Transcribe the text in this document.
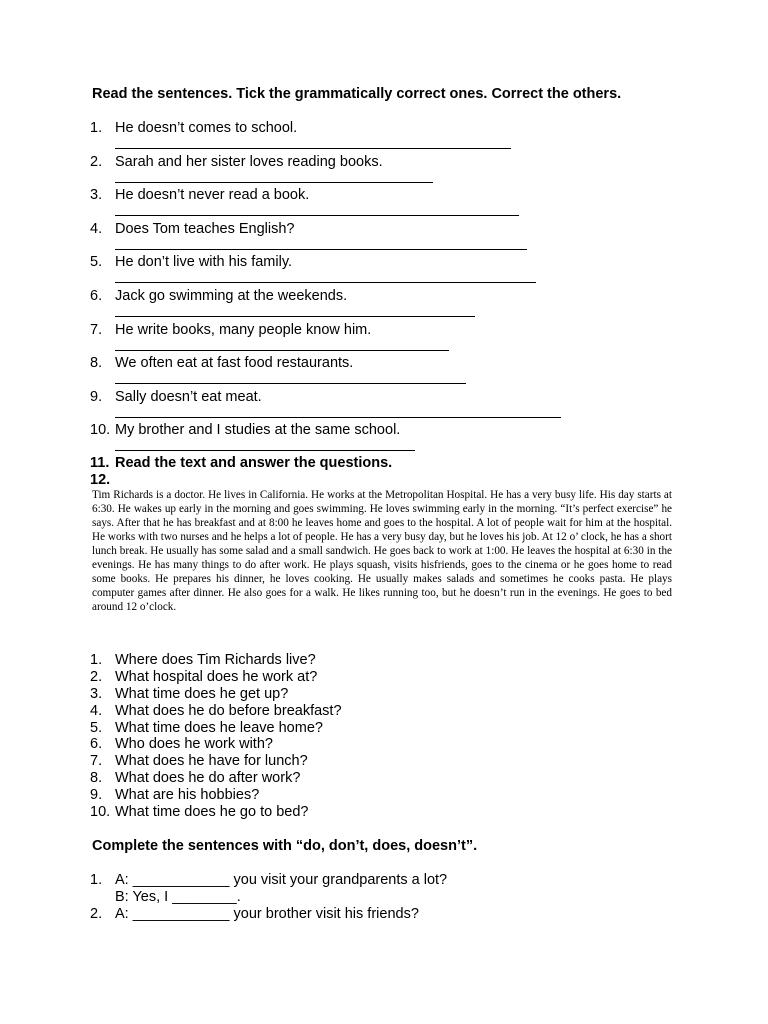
Read the sentences. Tick the grammatically correct ones. Correct the others.
1. He doesn’t comes to school.
2. Sarah and her sister loves reading books.
3. He doesn’t never read a book.
4. Does Tom teaches English?
5. He don’t live with his family.
6. Jack go swimming at the weekends.
7. He write books, many people know him.
8. We often eat at fast food restaurants.
9. Sally doesn’t eat meat.
10. My brother and I studies at the same school.
11. Read the text and answer the questions.
12.
Tim Richards is a doctor. He lives in California. He works at the Metropolitan Hospital. He has a very busy life. His day starts at 6:30. He wakes up early in the morning and goes swimming. He loves swimming early in the morning. “It’s perfect exercise” he says. After that he has breakfast and at 8:00 he leaves home and goes to the hospital. A lot of people wait for him at the hospital. He works with two nurses and he helps a lot of people. He has a very busy day, but he loves his job. At 12 o’ clock, he has a short lunch break. He usually has some salad and a small sandwich. He goes back to work at 1:00. He leaves the hospital at 6:30 in the evenings. He has many things to do after work. He plays squash, visits hisfriends, goes to the cinema or he goes home to read some books. He prepares his dinner, he loves cooking. He usually makes salads and sometimes he cooks pasta. He plays computer games after dinner. He also goes for a walk. He likes running too, but he doesn’t run in the evenings. He goes to bed around 12 o’clock.
1. Where does Tim Richards live?
2. What hospital does he work at?
3. What time does he get up?
4. What does he do before breakfast?
5. What time does he leave home?
6. Who does he work with?
7. What does he have for lunch?
8. What does he do after work?
9. What are his hobbies?
10. What time does he go to bed?
Complete the sentences with “do, don’t, does, doesn’t”.
1. A: ____________ you visit your grandparents a lot?
B: Yes, I ________.
2. A: ____________ your brother visit his friends?
